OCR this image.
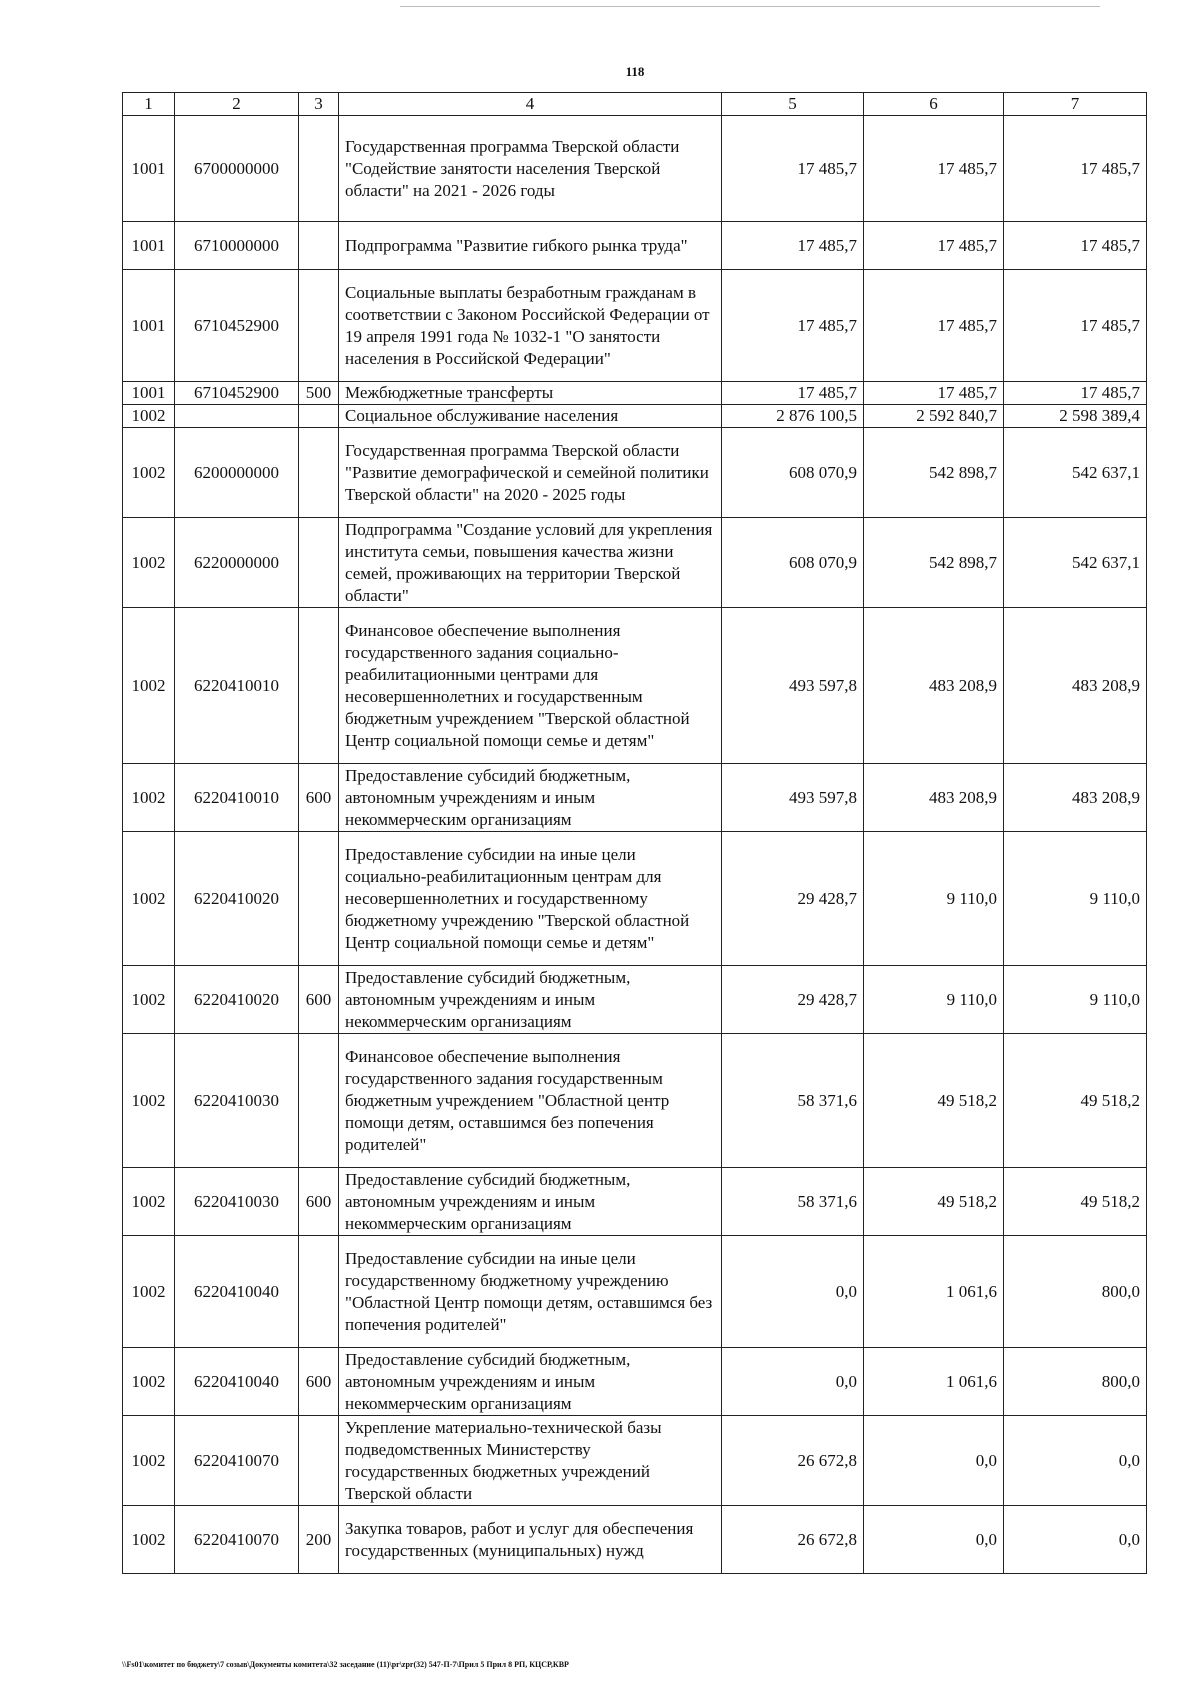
118
1	2	3	4	5	6	7
1001	6700000000		Государственная программа Тверской области "Содействие занятости населения Тверской области" на 2021 - 2026 годы	17 485,7	17 485,7	17 485,7
1001	6710000000		Подпрограмма "Развитие гибкого рынка труда"	17 485,7	17 485,7	17 485,7
1001	6710452900		Социальные выплаты безработным гражданам в соответствии с Законом Российской Федерации от 19 апреля 1991 года № 1032-1 "О занятости населения в Российской Федерации"	17 485,7	17 485,7	17 485,7
1001	6710452900	500	Межбюджетные трансферты	17 485,7	17 485,7	17 485,7
1002			Социальное обслуживание населения	2 876 100,5	2 592 840,7	2 598 389,4
1002	6200000000		Государственная программа Тверской области "Развитие демографической и семейной политики Тверской области" на 2020 - 2025 годы	608 070,9	542 898,7	542 637,1
1002	6220000000		Подпрограмма "Создание условий для укрепления института семьи, повышения качества жизни семей, проживающих на территории Тверской области"	608 070,9	542 898,7	542 637,1
1002	6220410010		Финансовое обеспечение выполнения государственного задания социально-реабилитационными центрами для несовершеннолетних и государственным бюджетным учреждением "Тверской областной Центр социальной помощи семье и детям"	493 597,8	483 208,9	483 208,9
1002	6220410010	600	Предоставление субсидий бюджетным, автономным учреждениям и иным некоммерческим организациям	493 597,8	483 208,9	483 208,9
1002	6220410020		Предоставление субсидии на иные цели социально-реабилитационным центрам для несовершеннолетних и государственному бюджетному учреждению "Тверской областной Центр социальной помощи семье и детям"	29 428,7	9 110,0	9 110,0
1002	6220410020	600	Предоставление субсидий бюджетным, автономным учреждениям и иным некоммерческим организациям	29 428,7	9 110,0	9 110,0
1002	6220410030		Финансовое обеспечение выполнения государственного задания государственным бюджетным учреждением "Областной центр помощи детям, оставшимся без попечения родителей"	58 371,6	49 518,2	49 518,2
1002	6220410030	600	Предоставление субсидий бюджетным, автономным учреждениям и иным некоммерческим организациям	58 371,6	49 518,2	49 518,2
1002	6220410040		Предоставление субсидии на иные цели государственному бюджетному учреждению "Областной Центр помощи детям, оставшимся без попечения родителей"	0,0	1 061,6	800,0
1002	6220410040	600	Предоставление субсидий бюджетным, автономным учреждениям и иным некоммерческим организациям	0,0	1 061,6	800,0
1002	6220410070		Укрепление материально-технической базы подведомственных Министерству государственных бюджетных учреждений Тверской области	26 672,8	0,0	0,0
1002	6220410070	200	Закупка товаров, работ и услуг для обеспечения государственных (муниципальных) нужд	26 672,8	0,0	0,0
\\Fs01\комитет по бюджету\7 созыв\Документы комитета\32 заседание (11)\pr\zpr(32) 547-П-7\Прил 5 Прил 8 РП, КЦСР,КВР
